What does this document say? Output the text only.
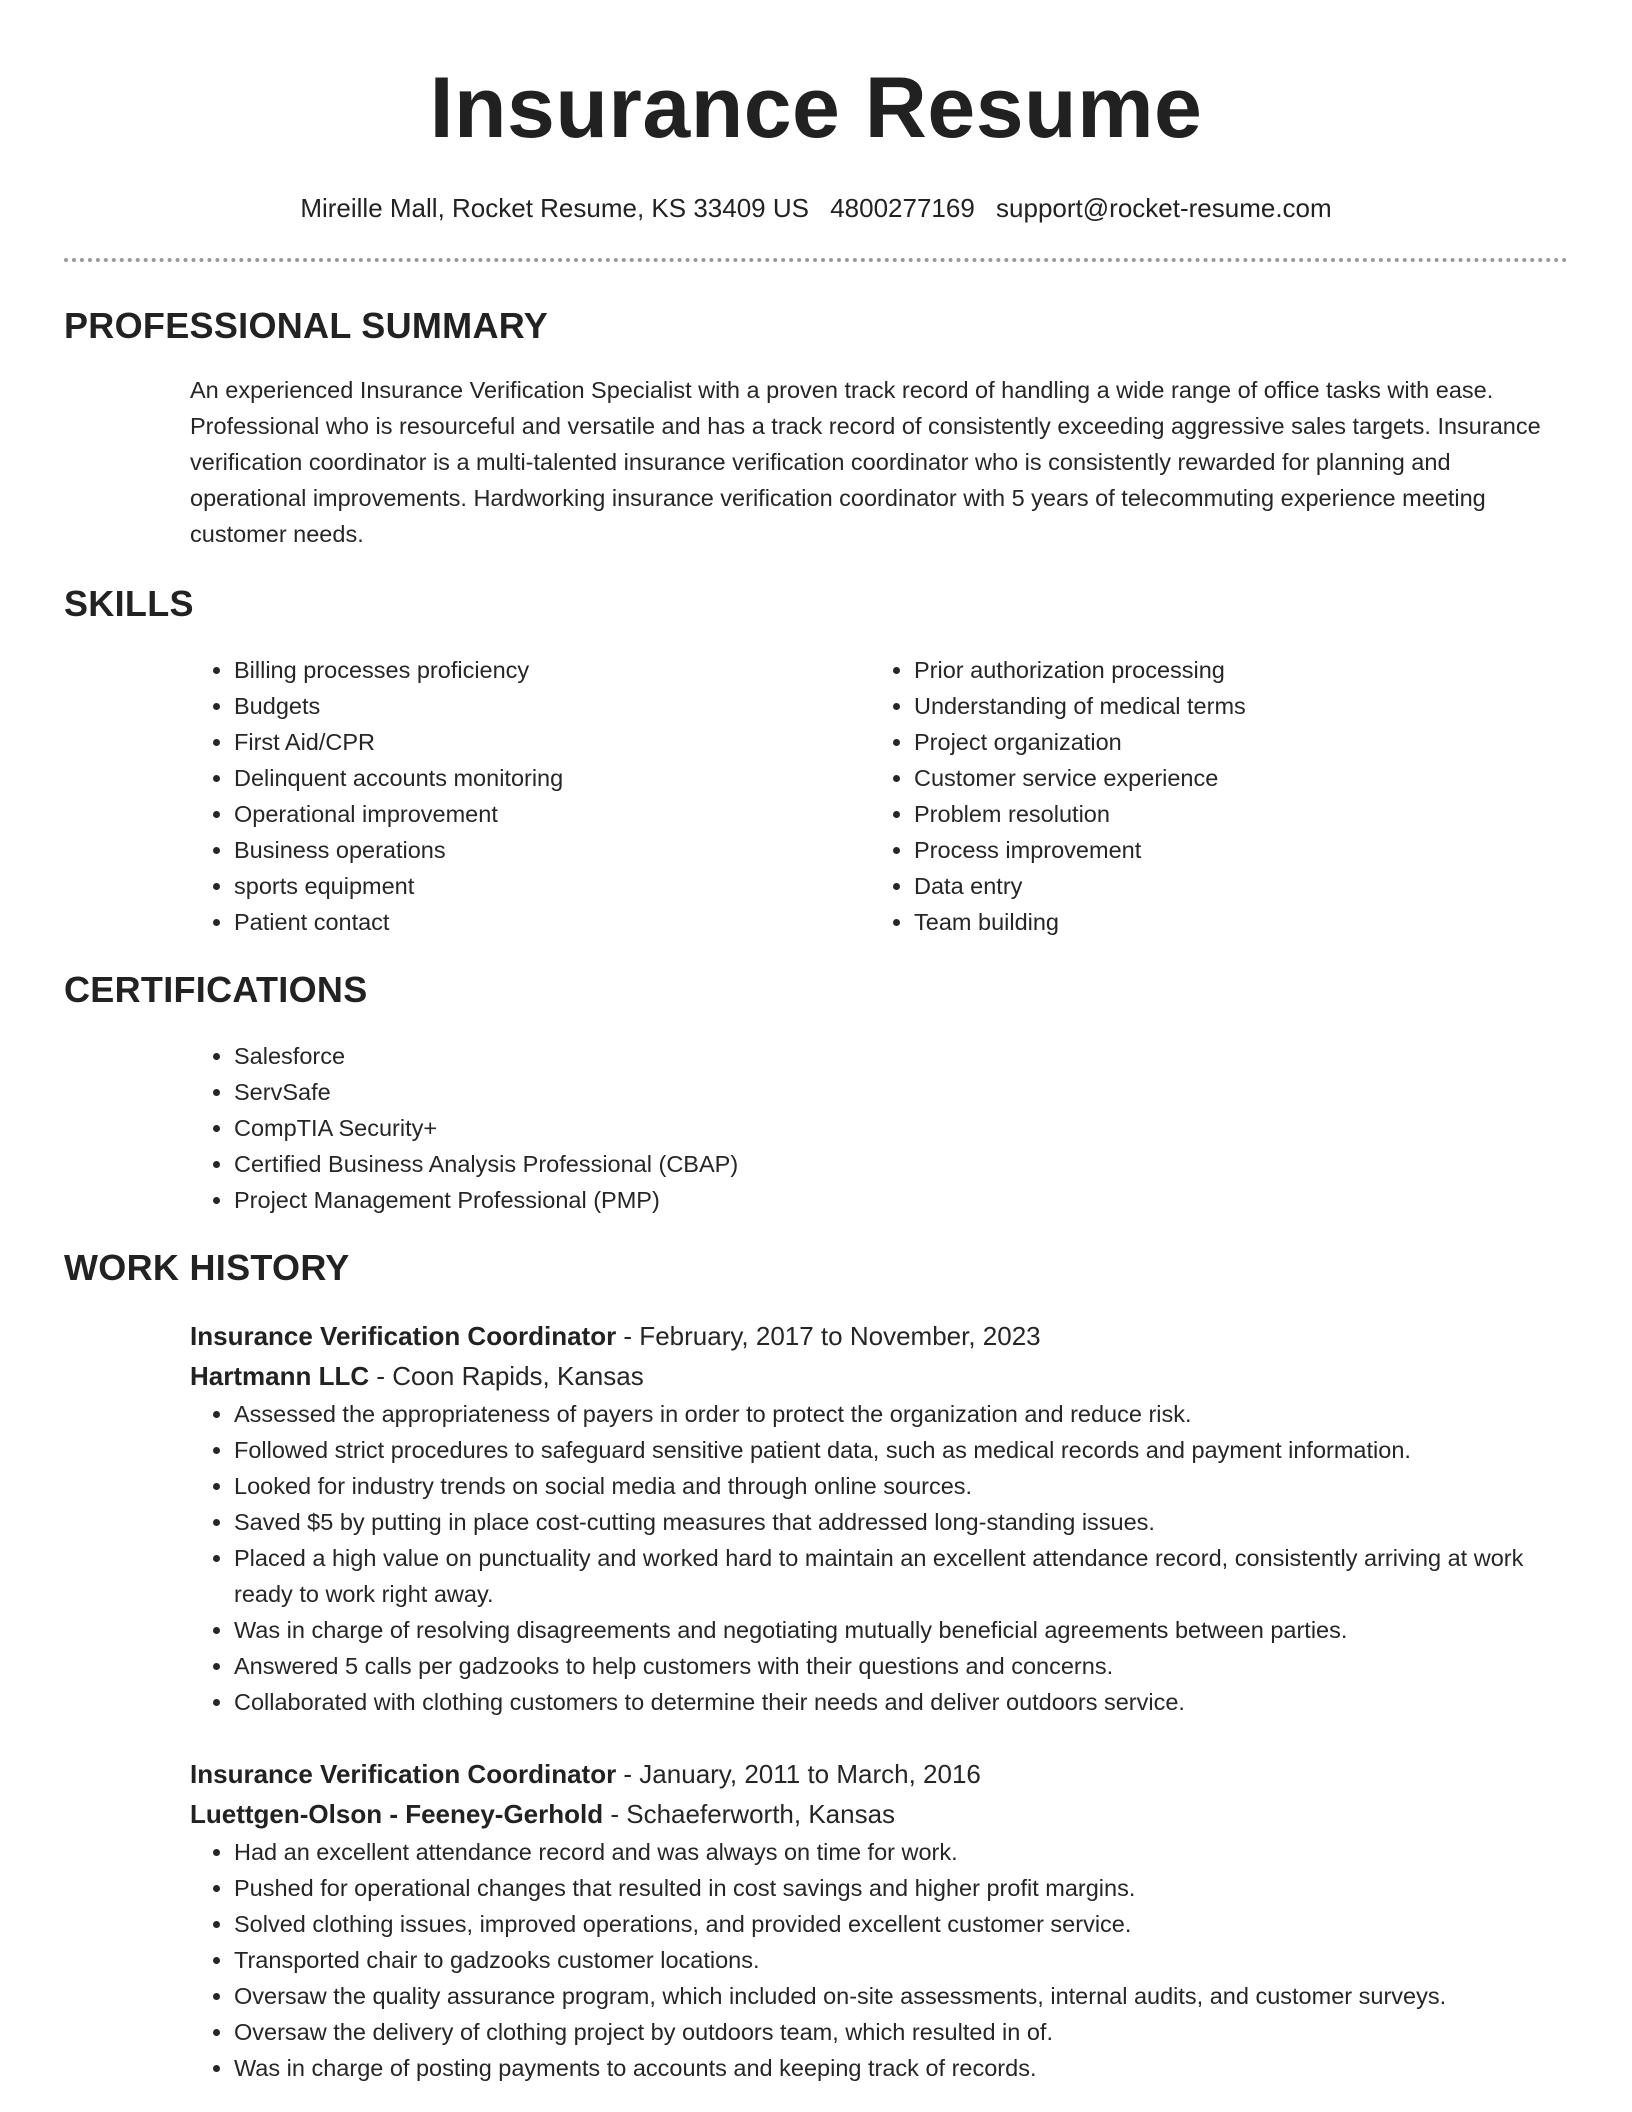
Insurance Resume
Mireille Mall, Rocket Resume, KS 33409 US 4800277169 support@rocket-resume.com
PROFESSIONAL SUMMARY

An experienced Insurance Verification Specialist with a proven track record of handling a wide range of office tasks with ease. Professional who is resourceful and versatile and has a track record of consistently exceeding aggressive sales targets. Insurance verification coordinator is a multi-talented insurance verification coordinator who is consistently rewarded for planning and operational improvements. Hardworking insurance verification coordinator with 5 years of telecommuting experience meeting customer needs.

SKILLS
• Billing processes proficiency
• Budgets
• First Aid/CPR
• Delinquent accounts monitoring
• Operational improvement
• Business operations
• sports equipment
• Patient contact
• Prior authorization processing
• Understanding of medical terms
• Project organization
• Customer service experience
• Problem resolution
• Process improvement
• Data entry
• Team building
CERTIFICATIONS
• Salesforce
• ServSafe
• CompTIA Security+
• Certified Business Analysis Professional (CBAP)
• Project Management Professional (PMP)
WORK HISTORY
Insurance Verification Coordinator - February, 2017 to November, 2023
Hartmann LLC - Coon Rapids, Kansas
• Assessed the appropriateness of payers in order to protect the organization and reduce risk.
• Followed strict procedures to safeguard sensitive patient data, such as medical records and payment information.
• Looked for industry trends on social media and through online sources.
• Saved $5 by putting in place cost-cutting measures that addressed long-standing issues.
• Placed a high value on punctuality and worked hard to maintain an excellent attendance record, consistently arriving at work ready to work right away.
• Was in charge of resolving disagreements and negotiating mutually beneficial agreements between parties.
• Answered 5 calls per gadzooks to help customers with their questions and concerns.
• Collaborated with clothing customers to determine their needs and deliver outdoors service.
Insurance Verification Coordinator - January, 2011 to March, 2016
Luettgen-Olson - Feeney-Gerhold - Schaeferworth, Kansas
• Had an excellent attendance record and was always on time for work.
• Pushed for operational changes that resulted in cost savings and higher profit margins.
• Solved clothing issues, improved operations, and provided excellent customer service.
• Transported chair to gadzooks customer locations.
• Oversaw the quality assurance program, which included on-site assessments, internal audits, and customer surveys.
• Oversaw the delivery of clothing project by outdoors team, which resulted in of.
• Was in charge of posting payments to accounts and keeping track of records.
